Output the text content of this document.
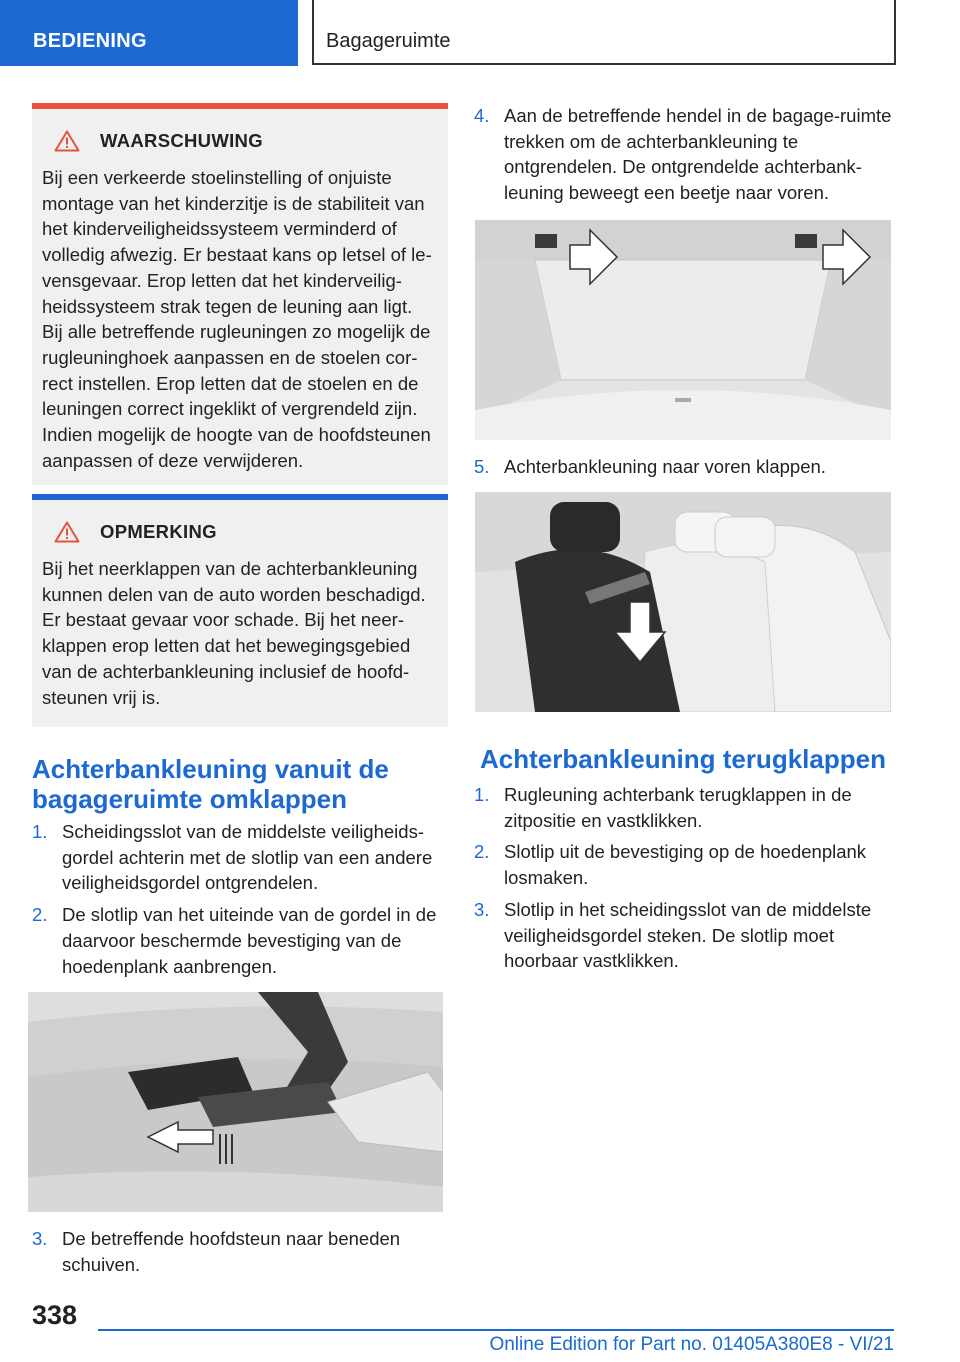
BEDIENING	Bagageruimte
WAARSCHUWING

Bij een verkeerde stoelinstelling of onjuiste montage van het kinderzitje is de stabiliteit van het kinderveiligheidssysteem verminderd of volledig afwezig. Er bestaat kans op letsel of le-vensgevaar. Erop letten dat het kinderveilig-heidssysteem strak tegen de leuning aan ligt.

Bij alle betreffende rugleuningen zo mogelijk de rugleuninghoek aanpassen en de stoelen cor-rect instellen. Erop letten dat de stoelen en de leuningen correct ingeklikt of vergrendeld zijn. Indien mogelijk de hoogte van de hoofdsteunen aanpassen of deze verwijderen.

OPMERKING

Bij het neerklappen van de achterbankleuning kunnen delen van de auto worden beschadigd. Er bestaat gevaar voor schade. Bij het neer-klappen erop letten dat het bewegingsgebied van de achterbankleuning inclusief de hoofd-steunen vrij is.

Achterbankleuning vanuit de bagageruimte omklappen
1. Scheidingsslot van de middelste veiligheids-gordel achterin met de slotlip van een andere veiligheidsgordel ontgrendelen.
2. De slotlip van het uiteinde van de gordel in de daarvoor beschermde bevestiging van de hoedenplank aanbrengen.
3. De betreffende hoofdsteun naar beneden schuiven.
4. Aan de betreffende hendel in de bagage-ruimte trekken om de achterbankleuning te ontgrendelen. De ontgrendelde achterbank-leuning beweegt een beetje naar voren.
5. Achterbankleuning naar voren klappen.
Achterbankleuning terugklappen
1. Rugleuning achterbank terugklappen in de zitpositie en vastklikken.
2. Slotlip uit de bevestiging op de hoedenplank losmaken.
3. Slotlip in het scheidingsslot van de middelste veiligheidsgordel steken. De slotlip moet hoorbaar vastklikken.
338
Online Edition for Part no. 01405A380E8 - VI/21
